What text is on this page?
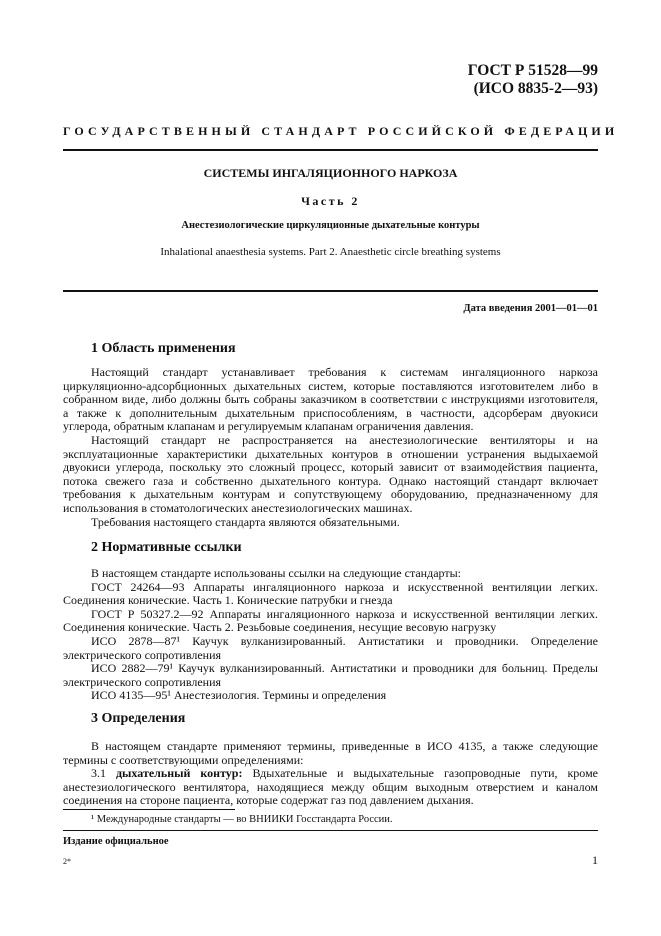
ГОСТ Р 51528—99
(ИСО 8835-2—93)
ГОСУДАРСТВЕННЫЙ СТАНДАРТ РОССИЙСКОЙ ФЕДЕРАЦИИ
СИСТЕМЫ ИНГАЛЯЦИОННОГО НАРКОЗА
Часть 2
Анестезиологические циркуляционные дыхательные контуры
Inhalational anaesthesia systems. Part 2. Anaesthetic circle breathing systems
Дата введения 2001—01—01
1 Область применения

Настоящий стандарт устанавливает требования к системам ингаляционного наркоза циркуляционно-адсорбционных дыхательных систем, которые поставляются изготовителем либо в собранном виде, либо должны быть собраны заказчиком в соответствии с инструкциями изготовителя, а также к дополнительным дыхательным приспособлениям, в частности, адсорберам двуокиси углерода, обратным клапанам и регулируемым клапанам ограничения давления.

Настоящий стандарт не распространяется на анестезиологические вентиляторы и на эксплуатационные характеристики дыхательных контуров в отношении устранения выдыхаемой двуокиси углерода, поскольку это сложный процесс, который зависит от взаимодействия пациента, потока свежего газа и собственно дыхательного контура. Однако настоящий стандарт включает требования к дыхательным контурам и сопутствующему оборудованию, предназначенному для использования в стоматологических анестезиологических машинах.

Требования настоящего стандарта являются обязательными.

2 Нормативные ссылки

В настоящем стандарте использованы ссылки на следующие стандарты:

ГОСТ 24264—93 Аппараты ингаляционного наркоза и искусственной вентиляции легких. Соединения конические. Часть 1. Конические патрубки и гнезда

ГОСТ Р 50327.2—92 Аппараты ингаляционного наркоза и искусственной вентиляции легких. Соединения конические. Часть 2. Резьбовые соединения, несущие весовую нагрузку

ИСО 2878—87¹ Каучук вулканизированный. Антистатики и проводники. Определение электрического сопротивления

ИСО 2882—79¹ Каучук вулканизированный. Антистатики и проводники для больниц. Пределы электрического сопротивления

ИСО 4135—95¹ Анестезиология. Термины и определения

3 Определения

В настоящем стандарте применяют термины, приведенные в ИСО 4135, а также следующие термины с соответствующими определениями:

3.1 дыхательный контур: Вдыхательные и выдыхательные газопроводные пути, кроме анестезиологического вентилятора, находящиеся между общим выходным отверстием и каналом соединения на стороне пациента, которые содержат газ под давлением дыхания.

¹ Международные стандарты — во ВНИИКИ Госстандарта России.
Издание официальное
2*	1
